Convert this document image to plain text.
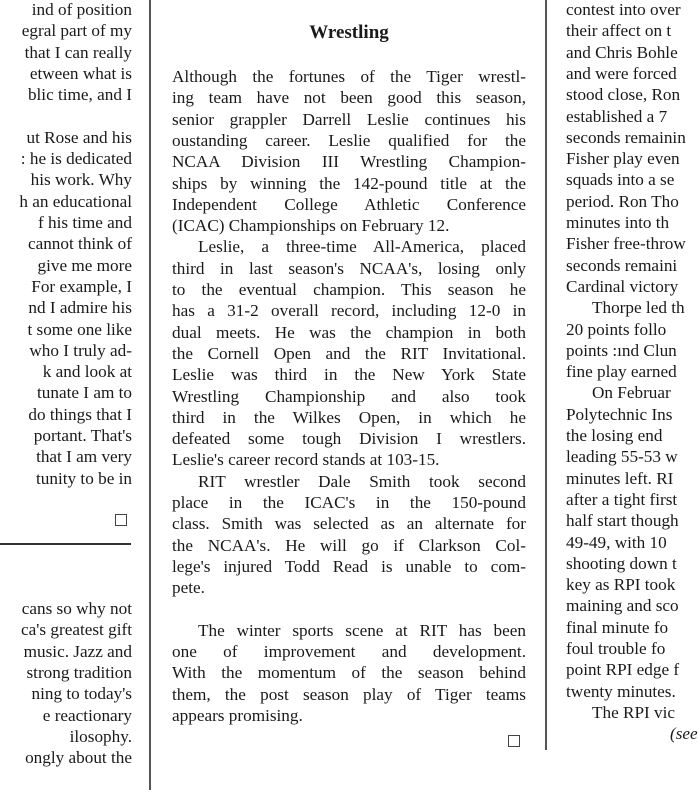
ind of position
egral part of my
that I can really
etween what is
blic time, and I
ut Rose and his
: he is dedicated
his work. Why
h an educational
f his time and
cannot think of
give me more
For example, I
nd I admire his
t some one like
who I truly ad-
k and look at
tunate I am to
do things that I
portant. That's
that I am very
tunity to be in
cans so why not
ca's greatest gift
music. Jazz and
strong tradition
ning to today's
e reactionary
ilosophy.
ongly about the
Wrestling
Although the fortunes of the Tiger wrestl-
ing team have not been good this season,
senior grappler Darrell Leslie continues his
oustanding career. Leslie qualified for the
NCAA Division III Wrestling Champion-
ships by winning the 142-pound title at the
Independent College Athletic Conference
(ICAC) Championships on February 12.
Leslie, a three-time All-America, placed
third in last season's NCAA's, losing only
to the eventual champion. This season he
has a 31-2 overall record, including 12-0 in
dual meets. He was the champion in both
the Cornell Open and the RIT Invitational.
Leslie was third in the New York State
Wrestling Championship and also took
third in the Wilkes Open, in which he
defeated some tough Division I wrestlers.
Leslie's career record stands at 103-15.
RIT wrestler Dale Smith took second
place in the ICAC's in the 150-pound
class. Smith was selected as an alternate for
the NCAA's. He will go if Clarkson Col-
lege's injured Todd Read is unable to com-
pete.
The winter sports scene at RIT has been
one of improvement and development.
With the momentum of the season behind
them, the post season play of Tiger teams
appears promising.
contest into over
their affect on t
and Chris Bohle
and were forced
stood close, Ron
established a 7
seconds remainin
Fisher play even
squads into a se
period. Ron Tho
minutes into th
Fisher free-throw
seconds remaini
Cardinal victory
Thorpe led th
20 points follo
points :ınd Clun
fine play earned
On Februar
Polytechnic Ins
the losing end
leading 55-53 w
minutes left. RI
after a tight first
half start though
49-49, with 10
shooting down t
key as RPI took
maining and sco
final minute fo
foul trouble fo
point RPI edge f
twenty minutes.
The RPI vic
(see
